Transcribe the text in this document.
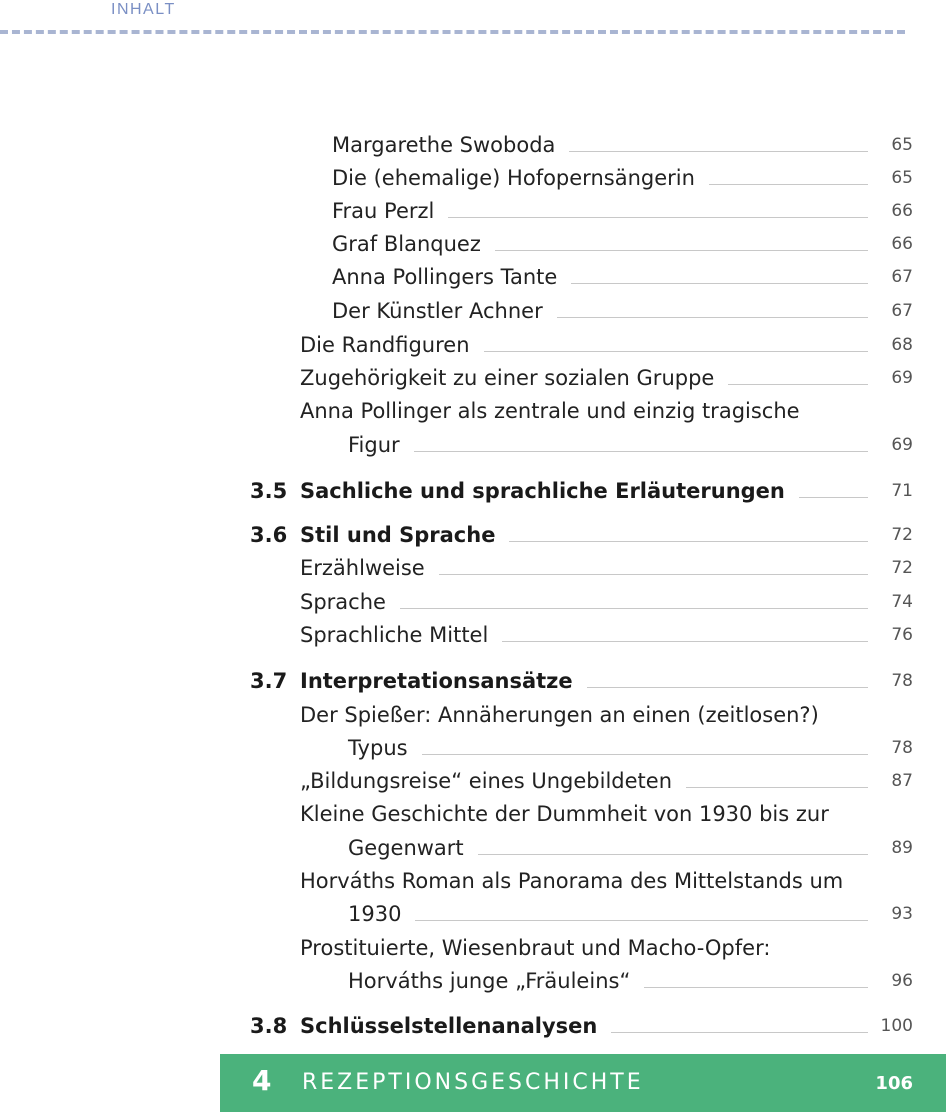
INHALT
Margarethe Swoboda	65
Die (ehemalige) Hofopernsängerin	65
Frau Perzl	66
Graf Blanquez	66
Anna Pollingers Tante	67
Der Künstler Achner	67
Die Randfiguren	68
Zugehörigkeit zu einer sozialen Gruppe	69
Anna Pollinger als zentrale und einzig tragische
Figur	69
3.5 Sachliche und sprachliche Erläuterungen	71
3.6 Stil und Sprache	72
Erzählweise	72
Sprache	74
Sprachliche Mittel	76
3.7 Interpretationsansätze	78
Der Spießer: Annäherungen an einen (zeitlosen?)
Typus	78
„Bildungsreise“ eines Ungebildeten	87
Kleine Geschichte der Dummheit von 1930 bis zur
Gegenwart	89
Horváths Roman als Panorama des Mittelstands um
1930	93
Prostituierte, Wiesenbraut und Macho-Opfer:
Horváths junge „Fräuleins“	96
3.8 Schlüsselstellenanalysen	100
4 REZEPTIONSGESCHICHTE	106
